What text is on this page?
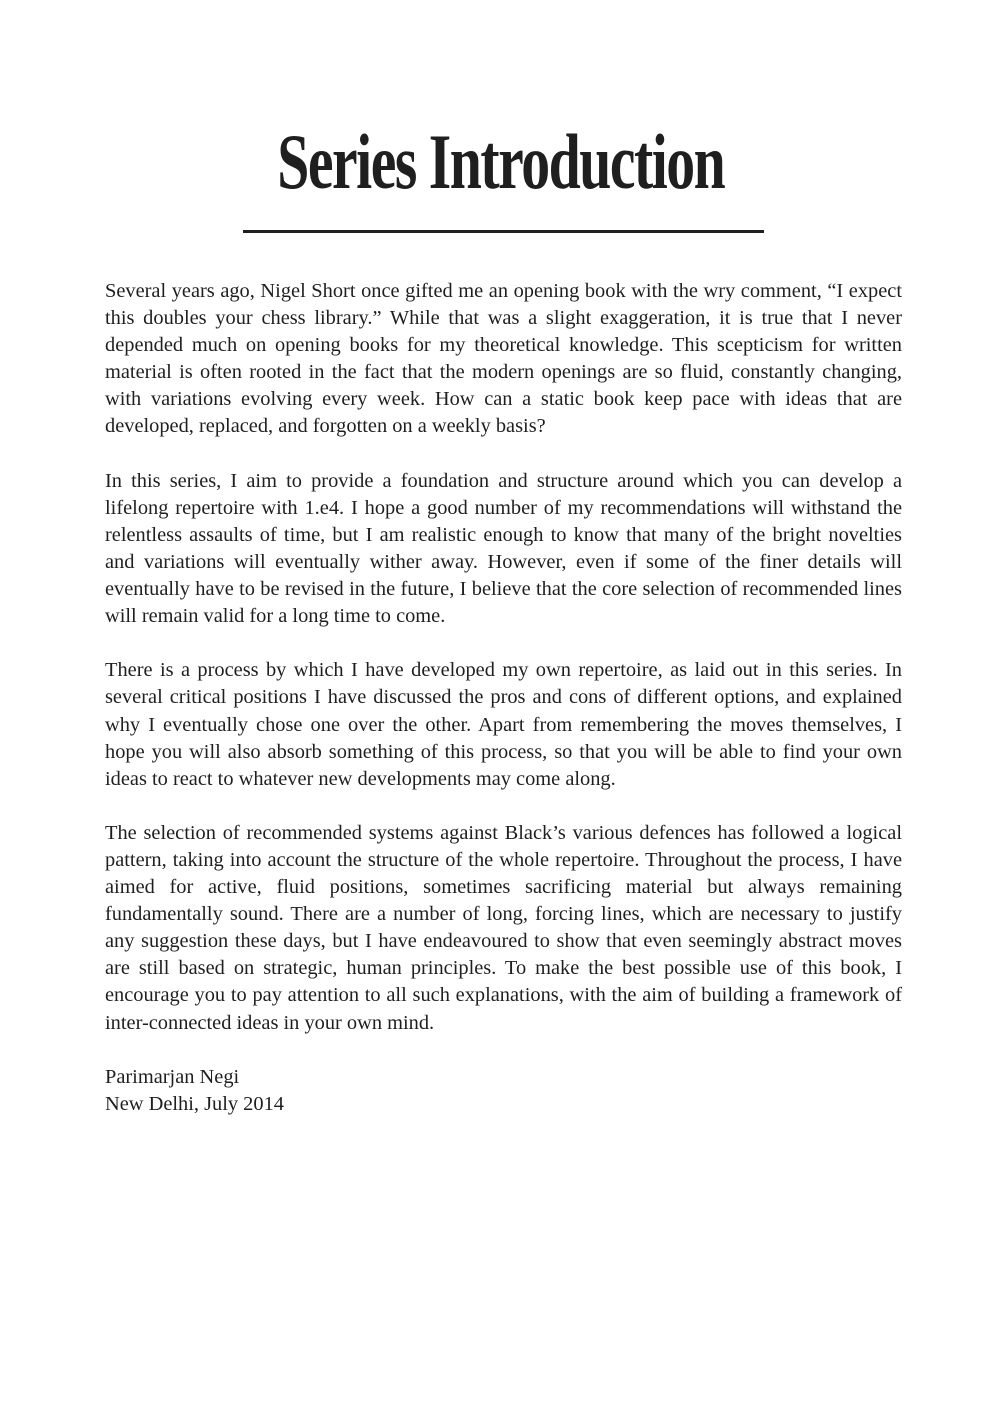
Series Introduction

Several years ago, Nigel Short once gifted me an opening book with the wry comment, “I expect this doubles your chess library.” While that was a slight exaggeration, it is true that I never depended much on opening books for my theoretical knowledge. This scepticism for written material is often rooted in the fact that the modern openings are so fluid, constantly changing, with variations evolving every week. How can a static book keep pace with ideas that are developed, replaced, and forgotten on a weekly basis?

In this series, I aim to provide a foundation and structure around which you can develop a lifelong repertoire with 1.e4. I hope a good number of my recommendations will withstand the relentless assaults of time, but I am realistic enough to know that many of the bright novelties and variations will eventually wither away. However, even if some of the finer details will eventually have to be revised in the future, I believe that the core selection of recommended lines will remain valid for a long time to come.

There is a process by which I have developed my own repertoire, as laid out in this series. In several critical positions I have discussed the pros and cons of different options, and explained why I eventually chose one over the other. Apart from remembering the moves themselves, I hope you will also absorb something of this process, so that you will be able to find your own ideas to react to whatever new developments may come along.

The selection of recommended systems against Black’s various defences has followed a logical pattern, taking into account the structure of the whole repertoire. Throughout the process, I have aimed for active, fluid positions, sometimes sacrificing material but always remaining fundamentally sound. There are a number of long, forcing lines, which are necessary to justify any suggestion these days, but I have endeavoured to show that even seemingly abstract moves are still based on strategic, human principles. To make the best possible use of this book, I encourage you to pay attention to all such explanations, with the aim of building a framework of inter-connected ideas in your own mind.

Parimarjan Negi
New Delhi, July 2014
